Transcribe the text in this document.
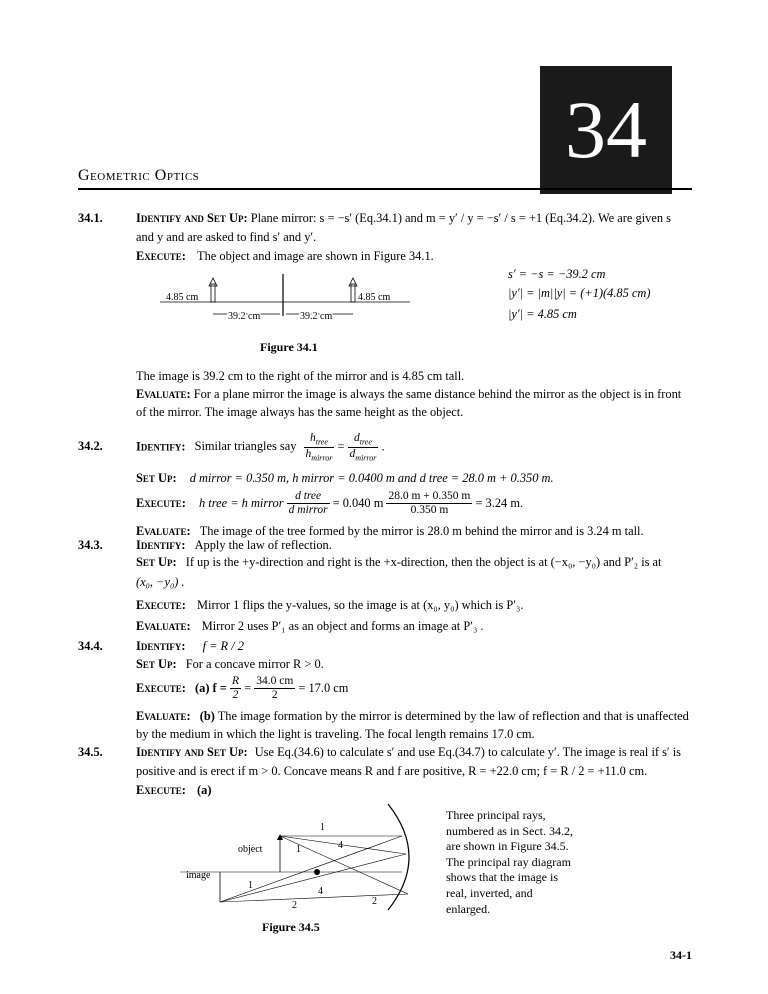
34
Geometric Optics
34.1.	Identify and Set Up: Plane mirror: s = −s′ (Eq.34.1) and m = y′ / y = −s′ / s = +1 (Eq.34.2). We are given s
and y and are asked to find s′ and y′.
Execute: The object and image are shown in Figure 34.1.
s′ = −s = −39.2 cm
|y′| = |m||y| = (+1)(4.85 cm)
|y′| = 4.85 cm
4.85 cm	4.85 cm
39.2 cm	39.2 cm
Figure 34.1
The image is 39.2 cm to the right of the mirror and is 4.85 cm tall.
Evaluate: For a plane mirror the image is always the same distance behind the mirror as the object is in front
of the mirror. The image always has the same height as the object.
34.2.	Identify: Similar triangles say $\frac{h_{tree}}{h_{mirror}} = \frac{d_{tree}}{d_{mirror}}$ .
Set Up: d mirror = 0.350 m, h mirror = 0.0400 m and d tree = 28.0 m + 0.350 m.
Execute: h tree = h mirror $\frac{\text{d tree}}{\text{d mirror}} = 0.040$ m $\frac{28.0 m + 0.350 m}{0.350 m} = 3.24$ m.
Evaluate: The image of the tree formed by the mirror is 28.0 m behind the mirror and is 3.24 m tall.
34.3.	Identify: Apply the law of reflection.
Set Up: If up is the +y-direction and right is the +x-direction, then the object is at (−x₀, −y₀) and P′₂ is at
(x₀, −y₀) .
Execute: Mirror 1 flips the y-values, so the image is at (x₀, y₀) which is P′₃.
Evaluate: Mirror 2 uses P′₁ as an object and forms an image at P′₃ .
34.4.	Identify: f = R / 2
Set Up: For a concave mirror R > 0.
Execute: (a) $f = \frac{R}{2} = \frac{34.0 cm}{2} = 17.0$ cm
Evaluate: (b) The image formation by the mirror is determined by the law of reflection and that is unaffected
by the medium in which the light is traveling. The focal length remains 17.0 cm.
34.5.	Identify and Set Up: Use Eq.(34.6) to calculate s′ and use Eq.(34.7) to calculate y′. The image is real if s′ is
positive and is erect if m > 0. Concave means R and f are positive, R = +22.0 cm; f = R / 2 = +11.0 cm.
Execute: (a)
object
image
1
4
1
1
4
2
2
Figure 34.5
Three principal rays,
numbered as in Sect. 34.2,
are shown in Figure 34.5.
The principal ray diagram
shows that the image is
real, inverted, and
enlarged.
34-1
